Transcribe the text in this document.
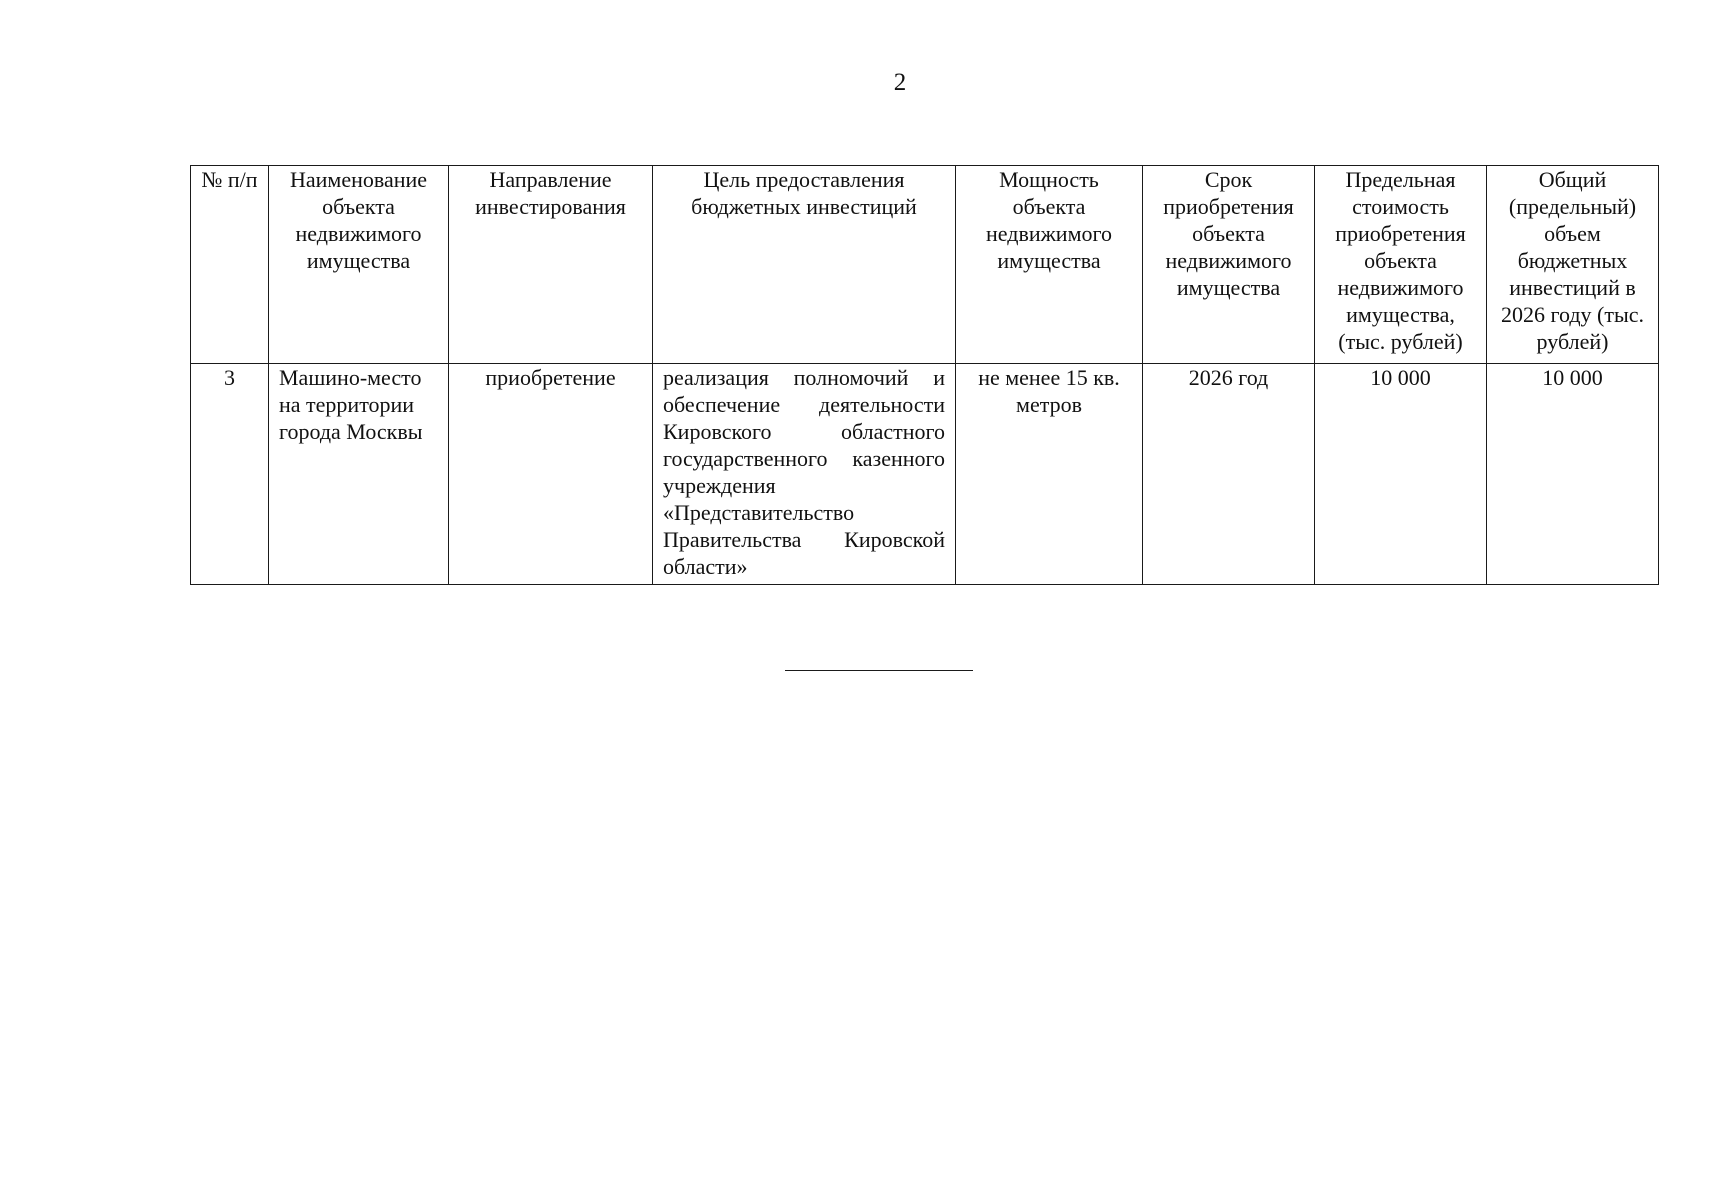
2
№ п/п	Наименование объекта недвижимого имущества	Направление инвестирования	Цель предоставления бюджетных инвестиций	Мощность объекта недвижимого имущества	Срок приобретения объекта недвижимого имущества	Предельная стоимость приобретения объекта недвижимого имущества, (тыс. рублей)	Общий (предельный) объем бюджетных инвестиций в 2026 году (тыс. рублей)
3	Машино-место на территории города Москвы	приобретение	реализация полномочий и обеспечение деятельности Кировского областного государственного казенного учреждения «Представительство Правительства Кировской области»	не менее 15 кв. метров	2026 год	10 000	10 000
